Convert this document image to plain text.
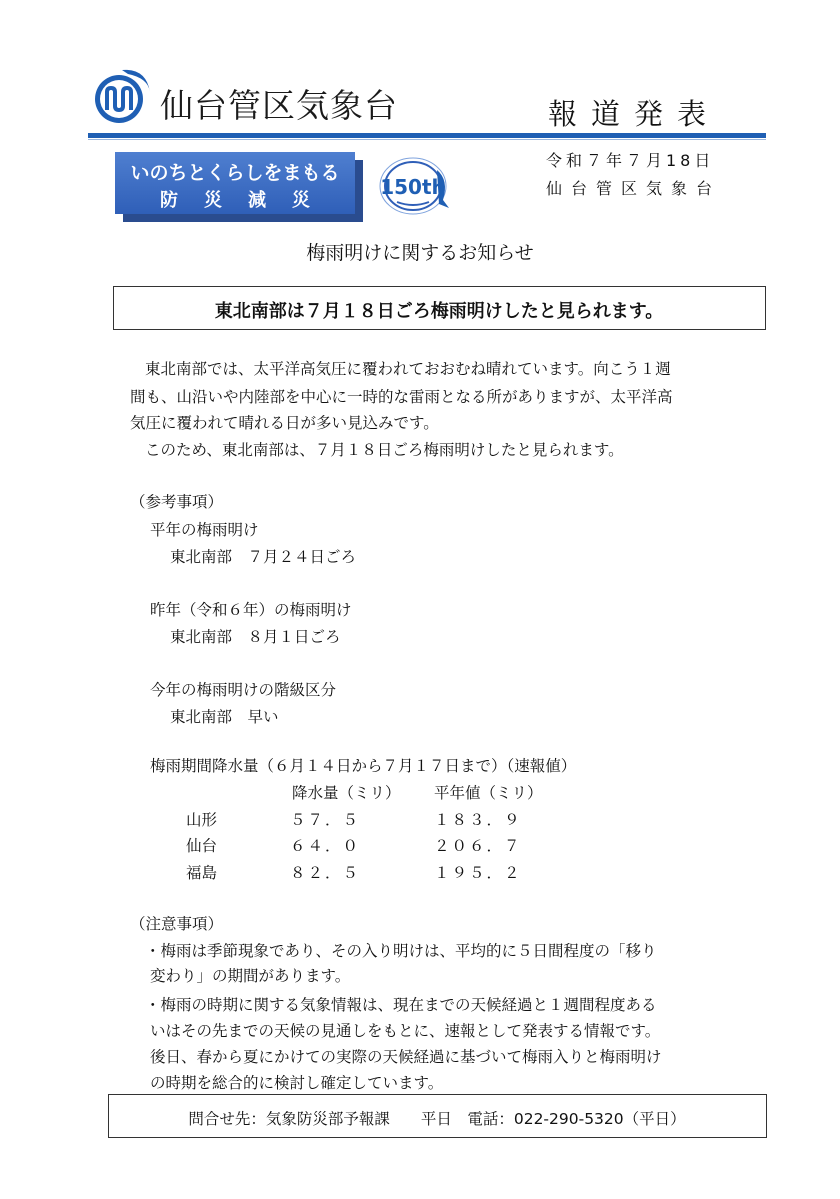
仙台管区気象台	報道発表
いのちとくらしをまもる
防災減災
150th
令和７年７月18日
仙台管区気象台
梅雨明けに関するお知らせ
東北南部は７月１８日ごろ梅雨明けしたと見られます。
東北南部では、太平洋高気圧に覆われておおむね晴れています。向こう１週
間も、山沿いや内陸部を中心に一時的な雷雨となる所がありますが、太平洋高
気圧に覆われて晴れる日が多い見込みです。
このため、東北南部は、７月１８日ごろ梅雨明けしたと見られます。
（参考事項）
平年の梅雨明け
東北南部　７月２４日ごろ
昨年（令和６年）の梅雨明け
東北南部　８月１日ごろ
今年の梅雨明けの階級区分
東北南部　早い
梅雨期間降水量（６月１４日から７月１７日まで）（速報値）
降水量（ミリ） 平年値（ミリ）
山形	５７．５	１８３．９
仙台	６４．０	２０６．７
福島	８２．５	１９５．２
（注意事項）
・梅雨は季節現象であり、その入り明けは、平均的に５日間程度の「移り
変わり」の期間があります。
・梅雨の時期に関する気象情報は、現在までの天候経過と１週間程度ある
いはその先までの天候の見通しをもとに、速報として発表する情報です。
後日、春から夏にかけての実際の天候経過に基づいて梅雨入りと梅雨明け
の時期を総合的に検討し確定しています。
問合せ先：気象防災部予報課　　平日　電話：022-290-5320（平日）
